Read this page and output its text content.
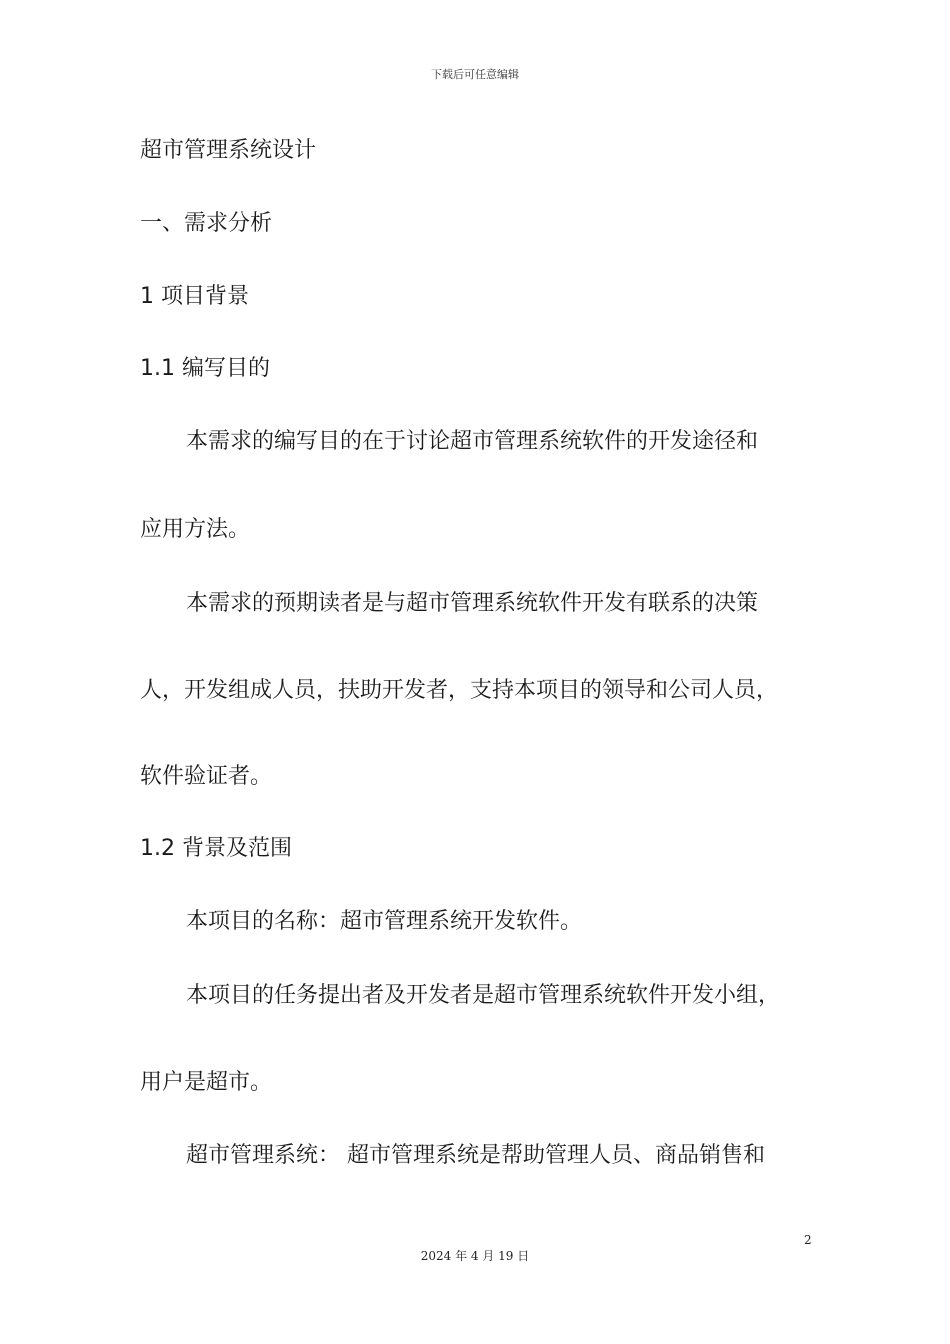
下载后可任意编辑
超市管理系统设计
一、需求分析
1 项目背景
1.1 编写目的
本需求的编写目的在于讨论超市管理系统软件的开发途径和
应用方法。
本需求的预期读者是与超市管理系统软件开发有联系的决策
人，开发组成人员，扶助开发者，支持本项目的领导和公司人员，
软件验证者。
1.2 背景及范围
本项目的名称：超市管理系统开发软件。
本项目的任务提出者及开发者是超市管理系统软件开发小组，
用户是超市。
超市管理系统： 超市管理系统是帮助管理人员、商品销售和
2
2024 年 4 月 19 日
